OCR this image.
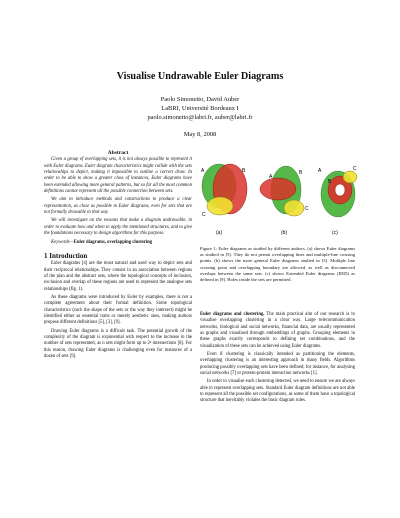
Visualise Undrawable Euler Diagrams
Paolo Simonetto, David Auber
LaBRI, Université Bordeaux I
paolo.simonetto@labri.fr, auber@labri.fr
May 8, 2008
Abstract

Given a group of overlapping sets, it is not always possible to represent it with Euler diagrams. Euler diagram characteristics might collide with the sets relationships to depict, making it impossible to outline a correct draw. In order to be able to show a greater class of instances, Euler diagrams have been extended allowing more general patterns, but so far all the most common definitions cannot represent all the possible connection between sets.

We aim to introduce methods and constructions to produce a clear representation, as close as possible to Euler diagrams, even for sets that are not formally drawable in that way.

We will investigate on the reasons that make a diagram undrawable, in order to evaluate how and when to apply the mentioned structures, and to give the foundations necessary to design algorithms for this purpose.

Keywords—Euler diagrams, overlapping clustering

1 Introduction

Euler diagrams [4] are the most natural and used way to depict sets and their reciprocal relationships. They consist in an association between regions of the plan and the abstract sets, where the topological concepts of inclusion, exclusion and overlap of these regions are used to represent the analogue sets relationships (fig. 1).

As these diagrams were introduced by Euler by examples, there is not a complete agreement about their formal definition. Some topological characteristics (such the shape of the sets or the way they intersect) might be identified either as essential traits or merely aesthetic ones, making authors propose different definitions [5], [3], [9].

Drawing Euler diagrams is a difficult task. The potential growth of the complexity of the diagram is exponential with respect to the increase in the number of sets represented, as n sets might form up to 2ⁿ intersections [8]. For this reason, drawing Euler diagrams is challenging even for instances of a dozen of sets [9].

A	B
C
A
B
C
A
B
C
(a)	(b)	(c)
Figure 1: Euler diagrams as studied by different authors. (a) shows Euler diagrams as studied in [5]. They do not permit overlapping lines and multiple-line crossing points. (b) shows the more general Euler diagrams studied in [3]. Multiple line crossing point and overlapping boundary are allowed, as well as disconnected overlaps between the same sets. (c) shows Extended Euler diagrams (EED) as defined in [9]. Holes inside the sets are permitted.

Euler diagrams and clustering. The main practical aim of our research is to visualise overlapping clustering in a clear way. Large telecommunication networks, biological and social networks, financial data, are usually represented as graphs and visualised through embeddings of graphs. Grouping elements in these graphs exactly corresponds to defining set combinations, and the visualization of these sets can be achieved using Euler diagrams.

Even if clustering is classically intended as partitioning the elements, overlapping clustering is an interesting approach in many fields. Algorithms producing possibly overlapping sets have been defined; for instance, for analysing social networks [7] or protein-protein interaction networks [1].

In order to visualise each clustering detected, we need to ensure we are always able to represent overlapping sets. Standard Euler diagram definitions are not able to represent all the possible set configurations, as some of them have a topological structure that inevitably violates the basic diagram rules.
